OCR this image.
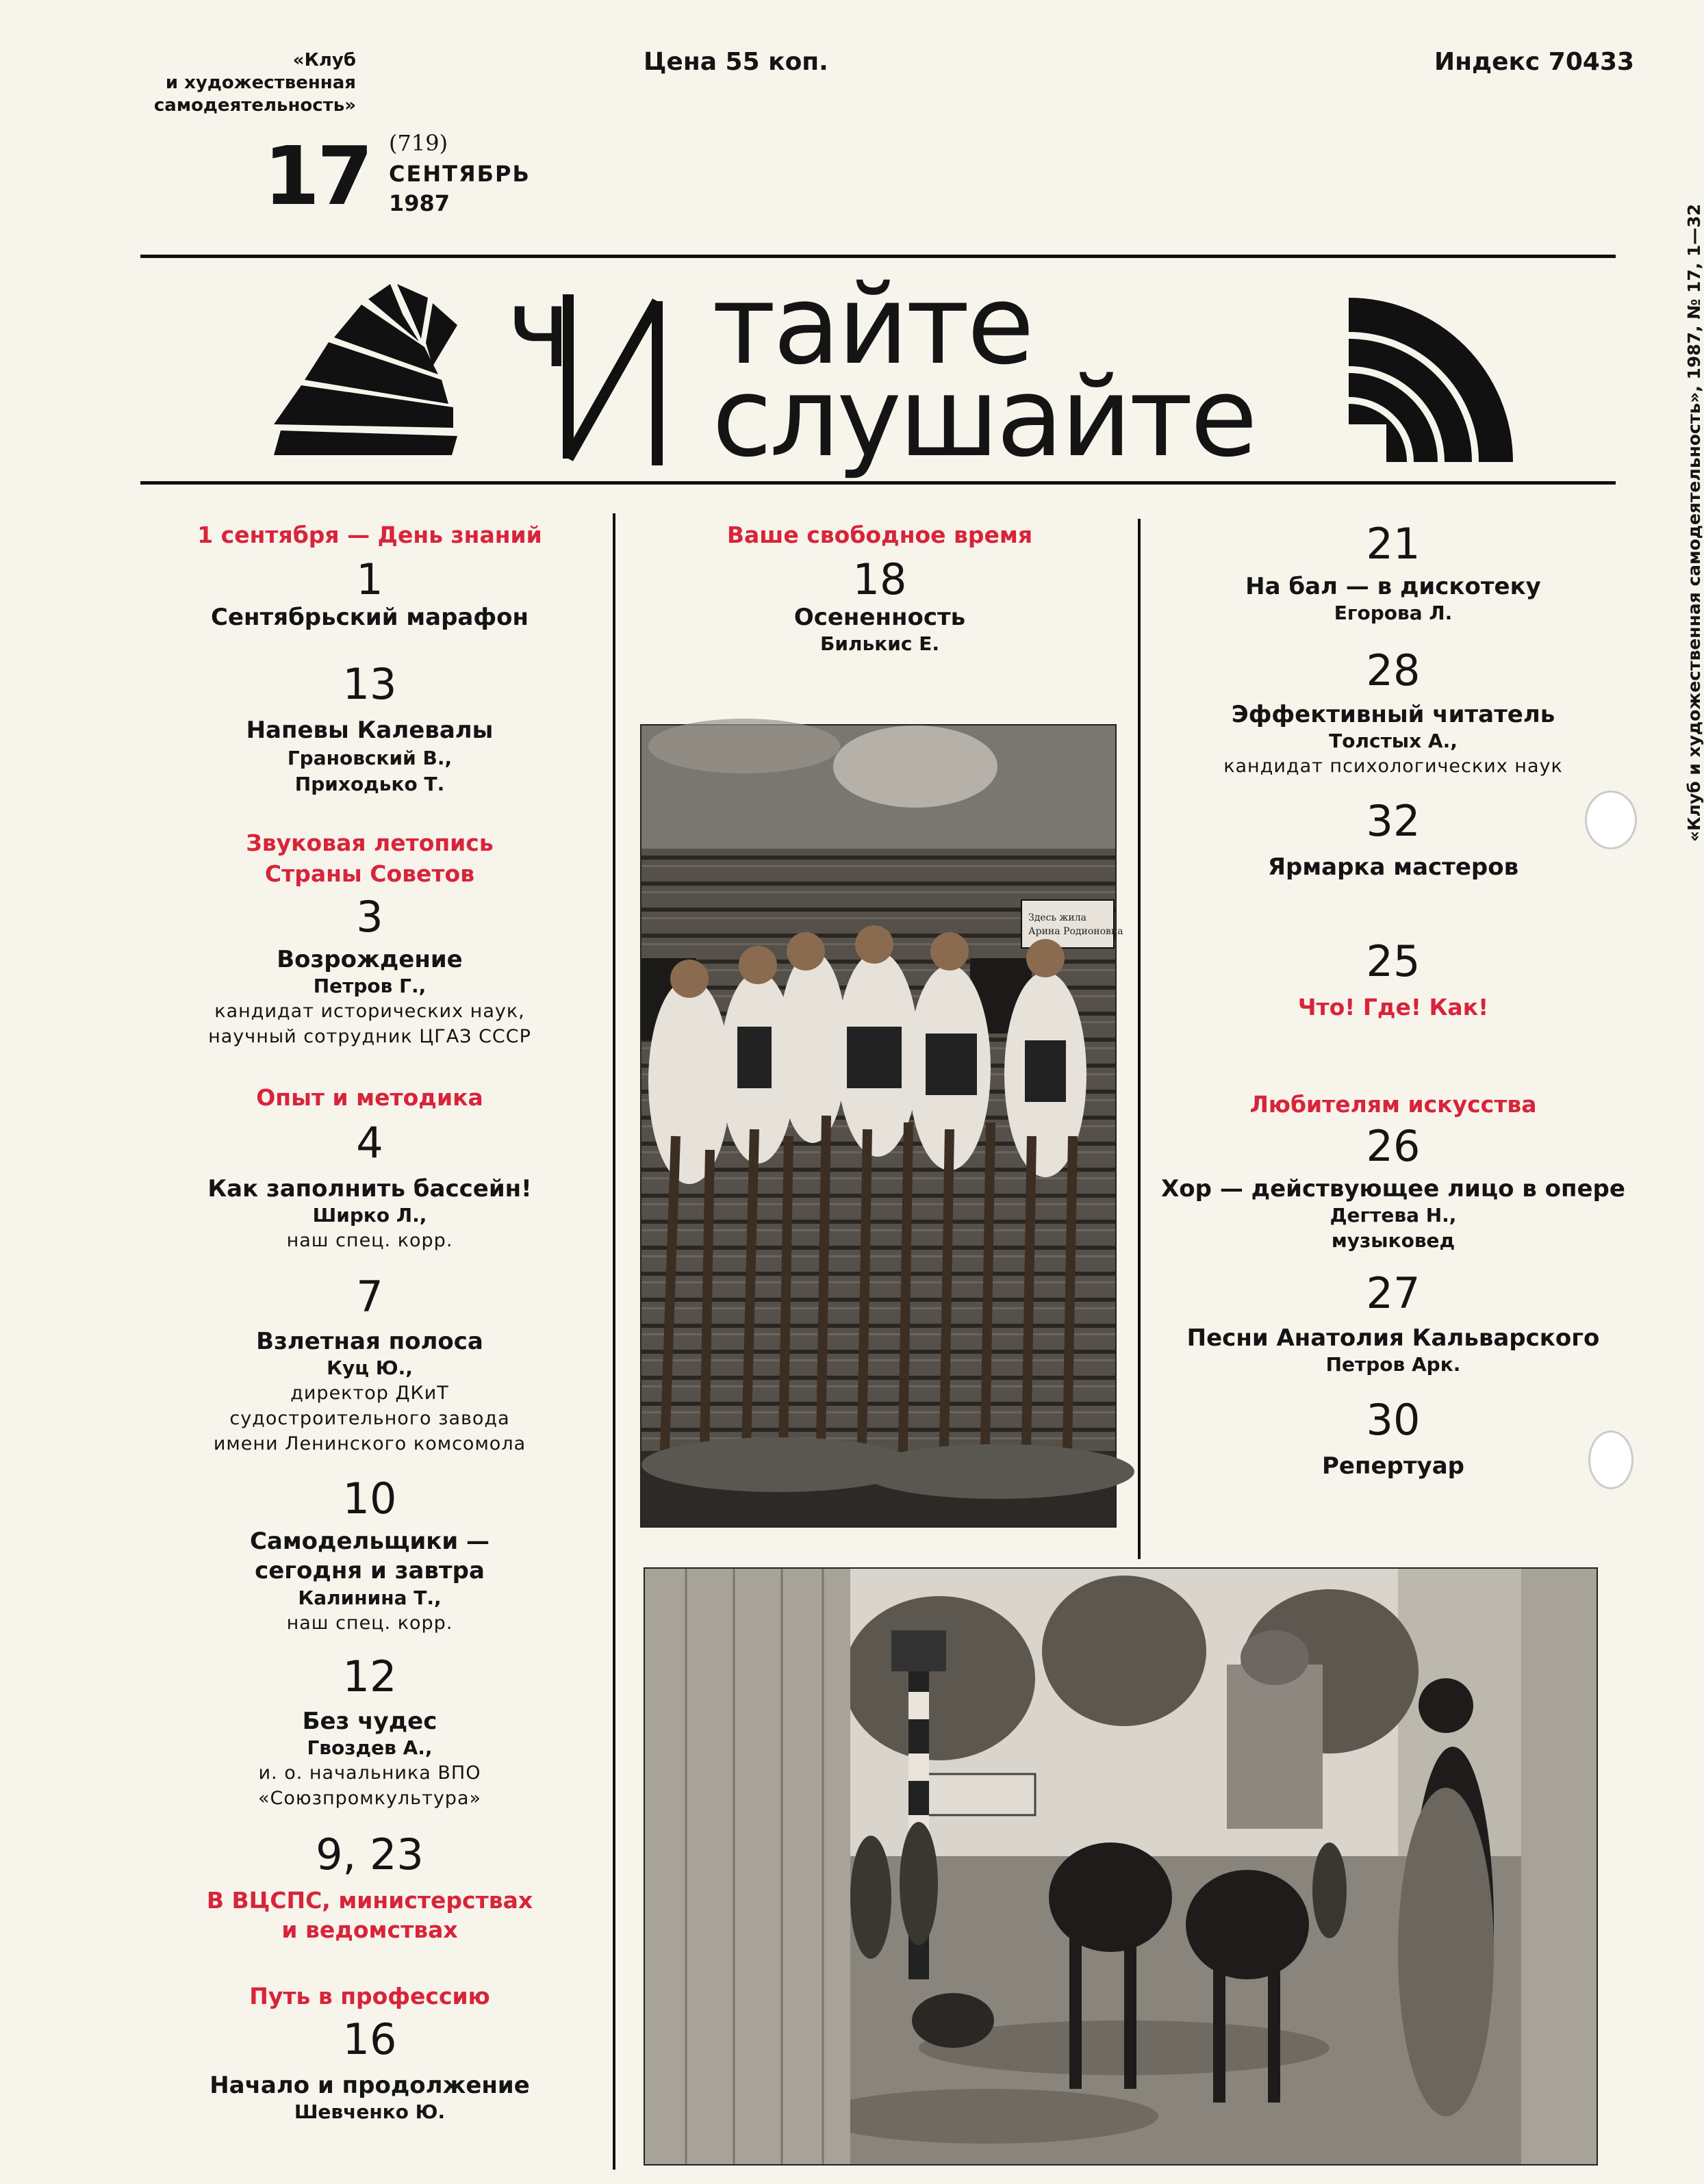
«Клуб
и художественная
самодеятельность»
Цена 55 коп.	Индекс 70433
17 (719)
СЕНТЯБРЬ
1987
ч тайте
слушайте
1 сентября — День знаний
1
Сентябрьский марафон
13
Напевы Калевалы
Грановский В.,
Приходько Т.
Звуковая летопись
Страны Советов
3
Возрождение
Петров Г.,
кандидат исторических наук,
научный сотрудник ЦГАЗ СССР
Опыт и методика
4
Как заполнить бассейн!
Ширко Л.,
наш спец. корр.
7
Взлетная полоса
Куц Ю.,
директор ДКиТ
судостроительного завода
имени Ленинского комсомола
10
Самодельщики —
сегодня и завтра
Калинина Т.,
наш спец. корр.
12
Без чудес
Гвоздев А.,
и. о. начальника ВПО
«Союзпромкультура»
9, 23
В ВЦСПС, министерствах
и ведомствах
Путь в профессию
16
Начало и продолжение
Шевченко Ю.
Ваше свободное время
18
Осененность
Билькис Е.
Здесь жила
Арина Родионовна
21
На бал — в дискотеку
Егорова Л.
28
Эффективный читатель
Толстых А.,
кандидат психологических наук
32
Ярмарка мастеров
25
Что! Где! Как!
Любителям искусства
26
Хор — действующее лицо в опере
Дегтева Н.,
музыковед
27
Песни Анатолия Кальварского
Петров Арк.
30
Репертуар
«Клуб и художественная самодеятельность», 1987, № 17, 1—32
